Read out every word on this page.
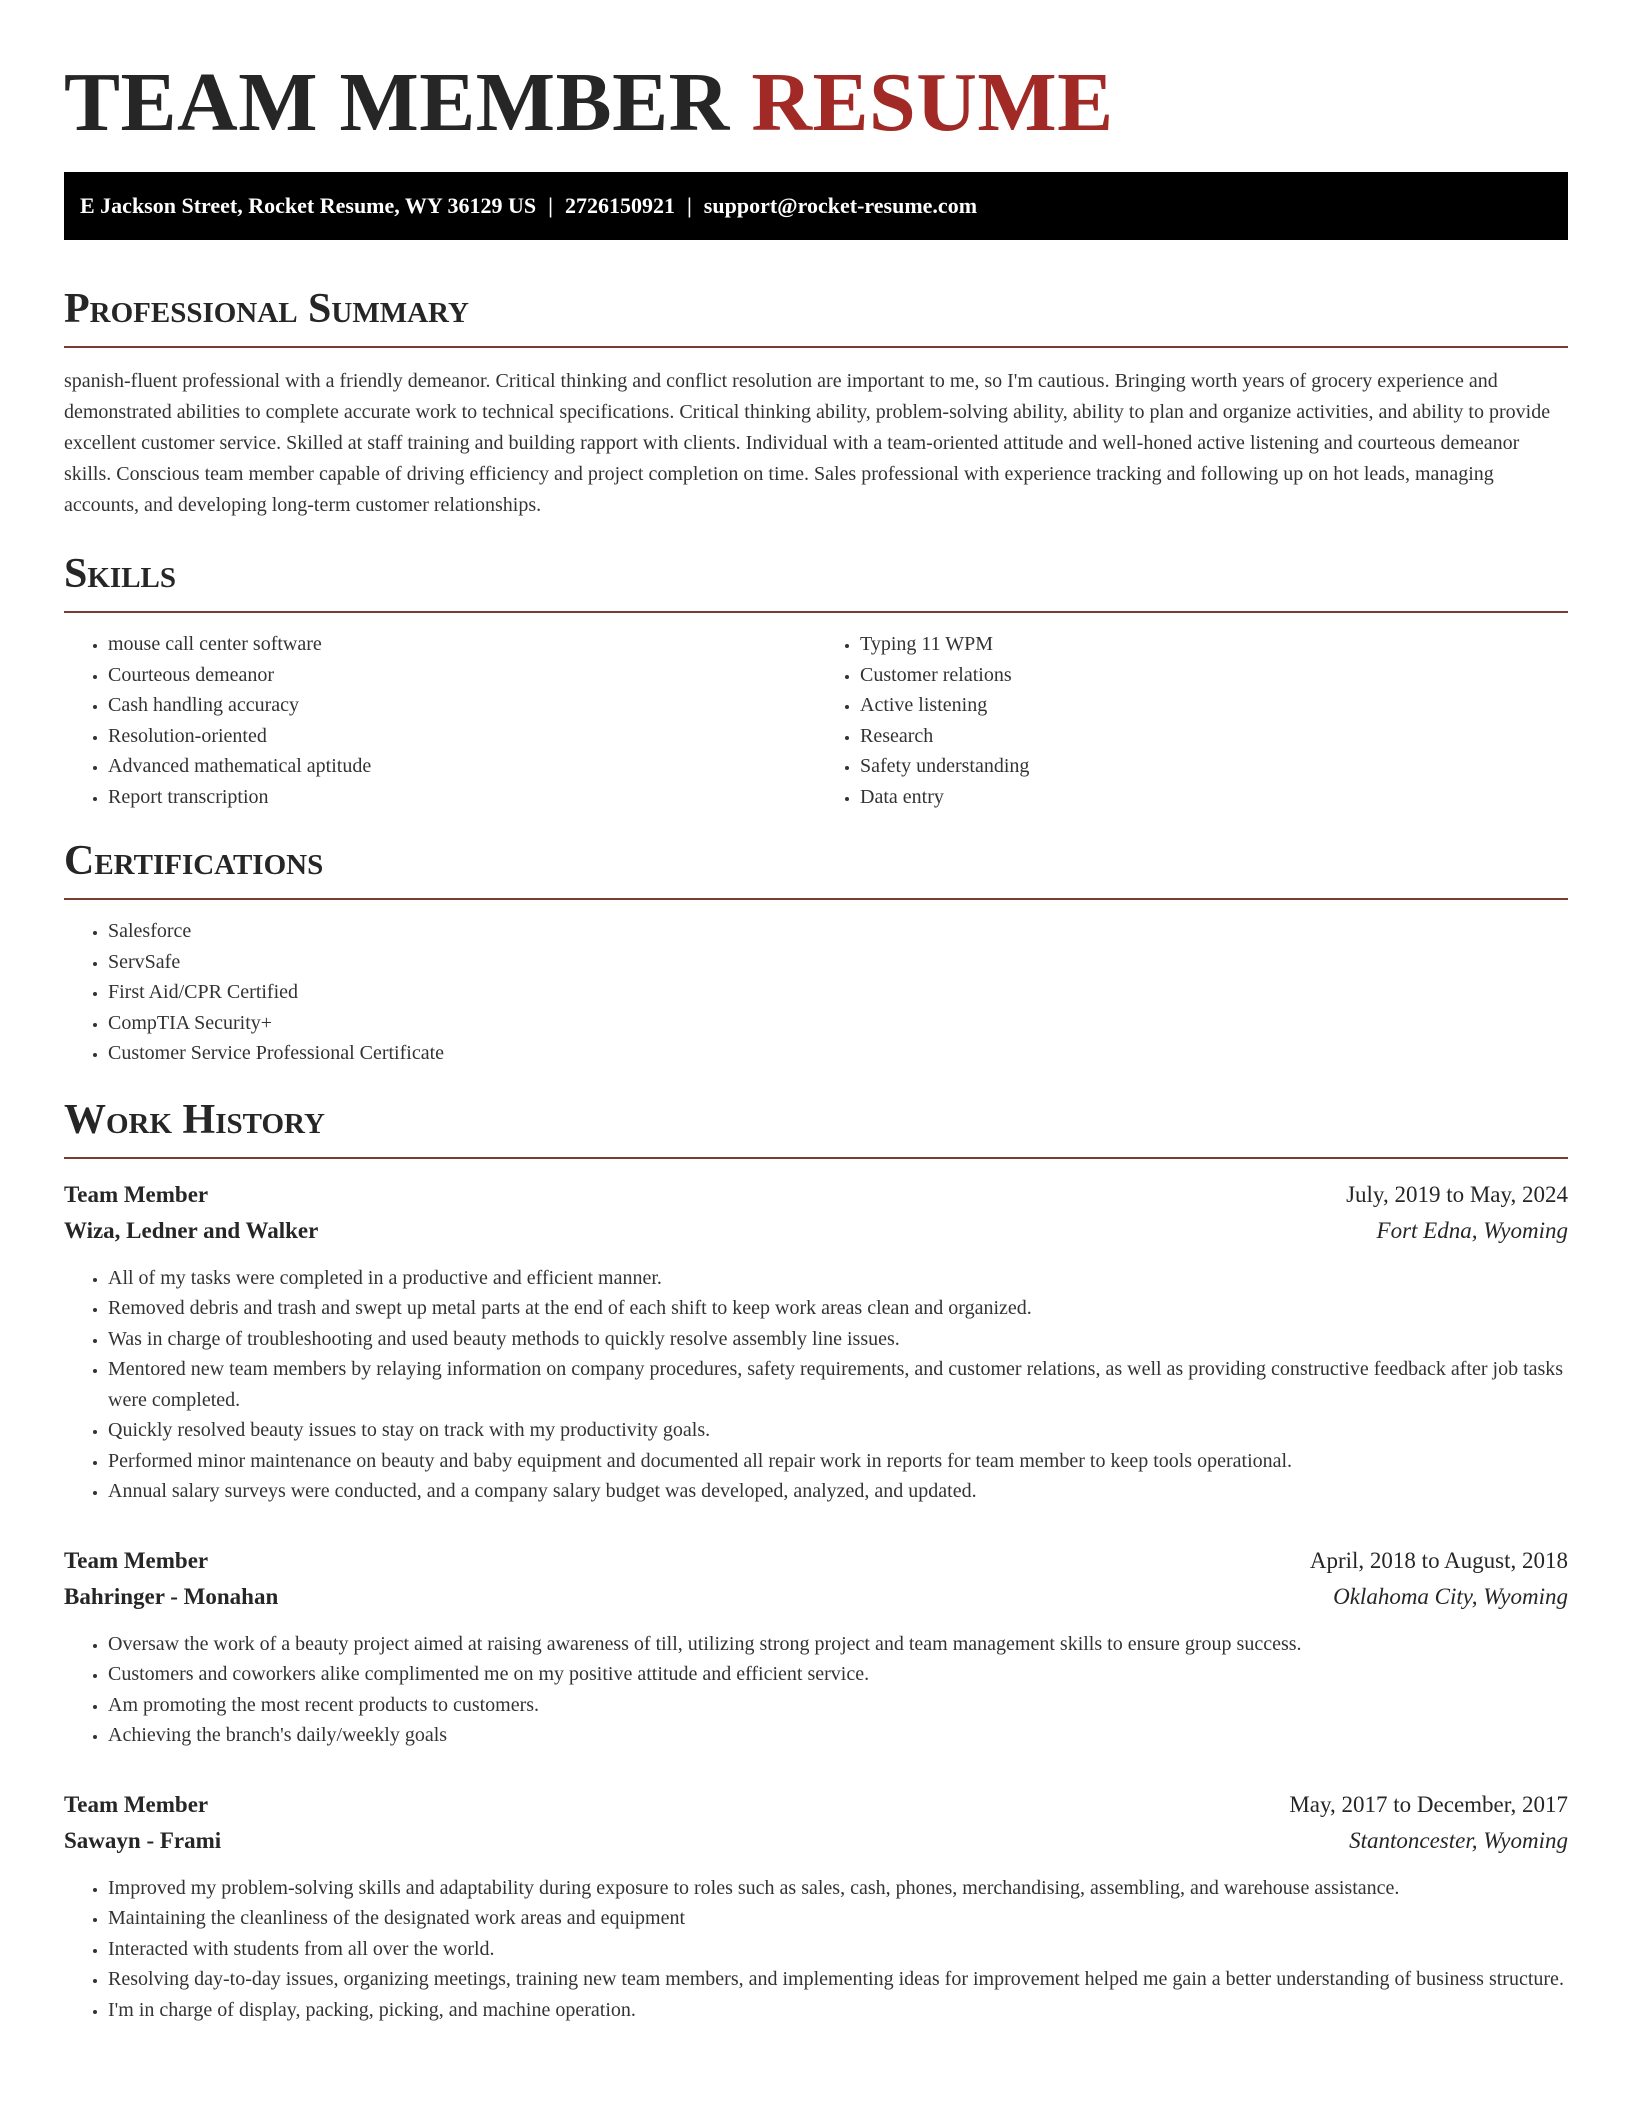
TEAM MEMBER RESUME
E Jackson Street, Rocket Resume, WY 36129 US | 2726150921 | support@rocket-resume.com
Professional Summary

spanish-fluent professional with a friendly demeanor. Critical thinking and conflict resolution are important to me, so I'm cautious. Bringing worth years of grocery experience and demonstrated abilities to complete accurate work to technical specifications. Critical thinking ability, problem-solving ability, ability to plan and organize activities, and ability to provide excellent customer service. Skilled at staff training and building rapport with clients. Individual with a team-oriented attitude and well-honed active listening and courteous demeanor skills. Conscious team member capable of driving efficiency and project completion on time. Sales professional with experience tracking and following up on hot leads, managing accounts, and developing long-term customer relationships.

Skills
• mouse call center software
• Courteous demeanor
• Cash handling accuracy
• Resolution-oriented
• Advanced mathematical aptitude
• Report transcription
• Typing 11 WPM
• Customer relations
• Active listening
• Research
• Safety understanding
• Data entry
Certifications
• Salesforce
• ServSafe
• First Aid/CPR Certified
• CompTIA Security+
• Customer Service Professional Certificate
Work History
Team Member	July, 2019 to May, 2024
Wiza, Ledner and Walker	Fort Edna, Wyoming
• All of my tasks were completed in a productive and efficient manner.
• Removed debris and trash and swept up metal parts at the end of each shift to keep work areas clean and organized.
• Was in charge of troubleshooting and used beauty methods to quickly resolve assembly line issues.
• Mentored new team members by relaying information on company procedures, safety requirements, and customer relations, as well as providing constructive feedback after job tasks were completed.
• Quickly resolved beauty issues to stay on track with my productivity goals.
• Performed minor maintenance on beauty and baby equipment and documented all repair work in reports for team member to keep tools operational.
• Annual salary surveys were conducted, and a company salary budget was developed, analyzed, and updated.
Team Member	April, 2018 to August, 2018
Bahringer - Monahan	Oklahoma City, Wyoming
• Oversaw the work of a beauty project aimed at raising awareness of till, utilizing strong project and team management skills to ensure group success.
• Customers and coworkers alike complimented me on my positive attitude and efficient service.
• Am promoting the most recent products to customers.
• Achieving the branch's daily/weekly goals
Team Member	May, 2017 to December, 2017
Sawayn - Frami	Stantoncester, Wyoming
• Improved my problem-solving skills and adaptability during exposure to roles such as sales, cash, phones, merchandising, assembling, and warehouse assistance.
• Maintaining the cleanliness of the designated work areas and equipment
• Interacted with students from all over the world.
• Resolving day-to-day issues, organizing meetings, training new team members, and implementing ideas for improvement helped me gain a better understanding of business structure.
• I'm in charge of display, packing, picking, and machine operation.
